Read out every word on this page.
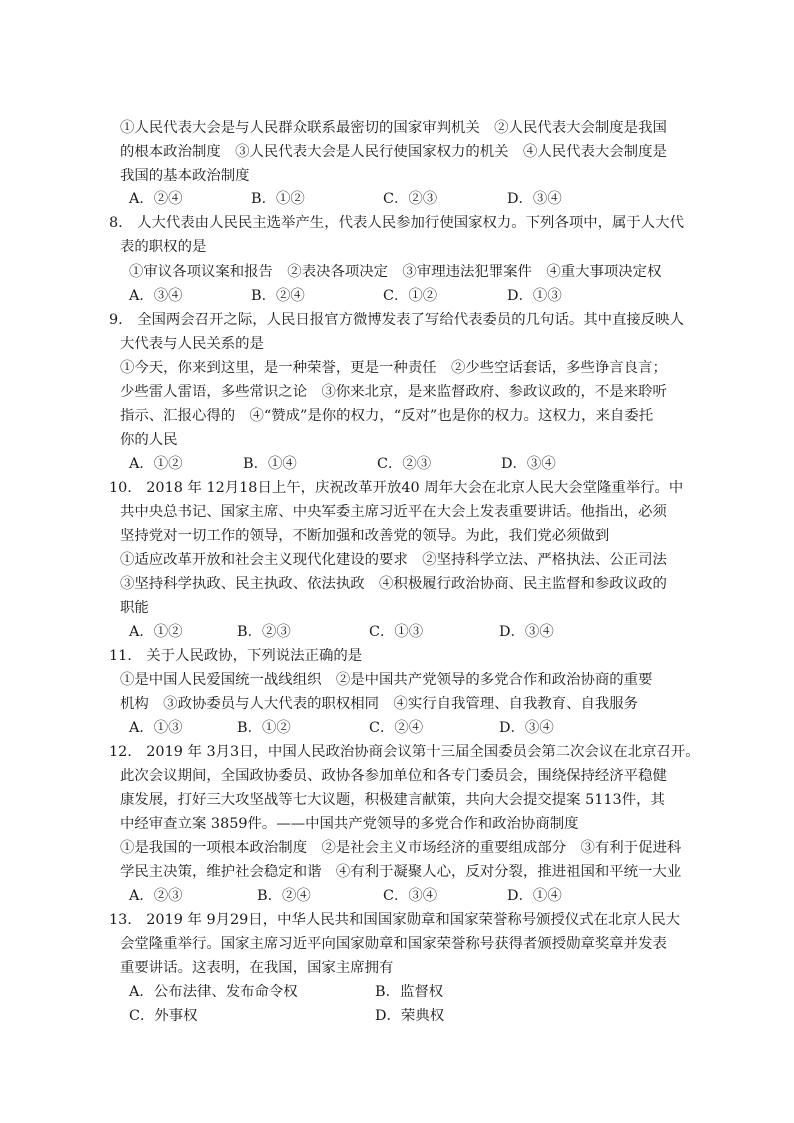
①人民代表大会是与人民群众联系最密切的国家审判机关　②人民代表大会制度是我国
的根本政治制度　③人民代表大会是人民行使国家权力的机关　④人民代表大会制度是
我国的基本政治制度
A．②④	B．①②	C．②③	D．③④
8.　人大代表由人民民主选举产生，代表人民参加行使国家权力。下列各项中，属于人大代
表的职权的是
①审议各项议案和报告　②表决各项决定　③审理违法犯罪案件　④重大事项决定权
A．③④	B．②④	C．①②	D．①③
9.　全国两会召开之际，人民日报官方微博发表了写给代表委员的几句话。其中直接反映人
大代表与人民关系的是
①今天，你来到这里，是一种荣誉，更是一种责任　②少些空话套话，多些诤言良言；
少些雷人雷语，多些常识之论　③你来北京，是来监督政府、参政议政的，不是来聆听
指示、汇报心得的　④“赞成”是你的权力，“反对”也是你的权力。这权力，来自委托
你的人民
A．①②	B．①④	C．②③	D．③④
10.　2018 年 12月18日上午，庆祝改革开放40 周年大会在北京人民大会堂隆重举行。中
共中央总书记、国家主席、中央军委主席习近平在大会上发表重要讲话。他指出，必须
坚持党对一切工作的领导，不断加强和改善党的领导。为此，我们党必须做到
①适应改革开放和社会主义现代化建设的要求　②坚持科学立法、严格执法、公正司法
③坚持科学执政、民主执政、依法执政　④积极履行政治协商、民主监督和参政议政的
职能
A．①②	B．②③	C．①③	D．③④
11.　关于人民政协，下列说法正确的是
①是中国人民爱国统一战线组织　②是中国共产党领导的多党合作和政治协商的重要
机构　③政协委员与人大代表的职权相同　④实行自我管理、自我教育、自我服务
A．①③	B．①②	C．②④	D．③④
12.　2019 年 3月3日，中国人民政治协商会议第十三届全国委员会第二次会议在北京召开。
此次会议期间，全国政协委员、政协各参加单位和各专门委员会，围绕保持经济平稳健
康发展，打好三大攻坚战等七大议题，积极建言献策，共向大会提交提案 5113件，其
中经审查立案 3859件。——中国共产党领导的多党合作和政治协商制度
①是我国的一项根本政治制度　②是社会主义市场经济的重要组成部分　③有利于促进科
学民主决策，维护社会稳定和谐　④有利于凝聚人心，反对分裂，推进祖国和平统一大业
A．②③	B．②④	C．③④	D．①④
13.　2019 年 9月29日，中华人民共和国国家勋章和国家荣誉称号颁授仪式在北京人民大
会堂隆重举行。国家主席习近平向国家勋章和国家荣誉称号获得者颁授勋章奖章并发表
重要讲话。这表明，在我国，国家主席拥有
A．公布法律、发布命令权	B．监督权
C．外事权	D．荣典权
